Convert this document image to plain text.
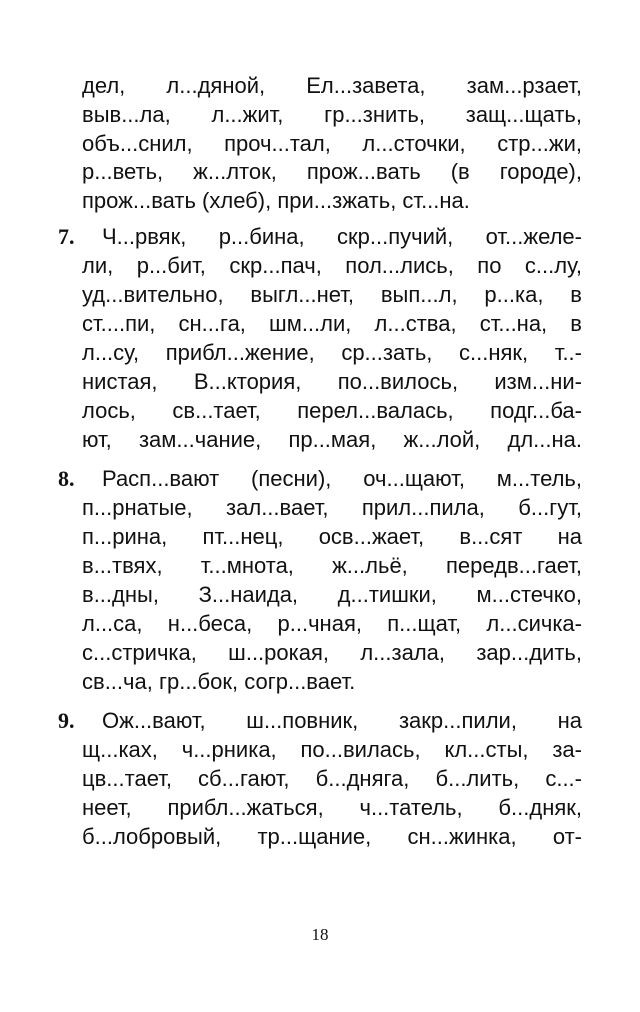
дел, л...дяной, Ел...завета, зам...рзает,
выв...ла, л...жит, гр...знить, защ...щать,
объ...снил, проч...тал, л...сточки, стр...жи,
р...веть, ж...лток, прож...вать (в городе),
прож...вать (хлеб), при...зжать, ст...на.
7. Ч...рвяк, р...бина, скр...пучий, от...желе-
ли, р...бит, скр...пач, пол...лись, по с...лу,
уд...вительно, выгл...нет, вып...л, р...ка, в
ст....пи, сн...га, шм...ли, л...ства, ст...на, в
л...су, прибл...жение, ср...зать, с...няк, т..-
нистая, В...ктория, по...вилось, изм...ни-
лось, св...тает, перел...валась, подг...ба-
ют, зам...чание, пр...мая, ж...лой, дл...на.
8. Расп...вают (песни), оч...щают, м...тель,
п...рнатые, зал...вает, прил...пила, б...гут,
п...рина, пт...нец, осв...жает, в...сят на
в...твях, т...мнота, ж...льё, передв...гает,
в...дны, З...наида, д...тишки, м...стечко,
л...са, н...беса, р...чная, п...щат, л...сичка-
с...стричка, ш...рокая, л...зала, зар...дить,
св...ча, гр...бок, согр...вает.
9. Ож...вают, ш...повник, закр...пили, на
щ...ках, ч...рника, по...вилась, кл...сты, за-
цв...тает, сб...гают, б...дняга, б...лить, с...-
неет, прибл...жаться, ч...татель, б...дняк,
б...лобровый, тр...щание, сн...жинка, от-
18
